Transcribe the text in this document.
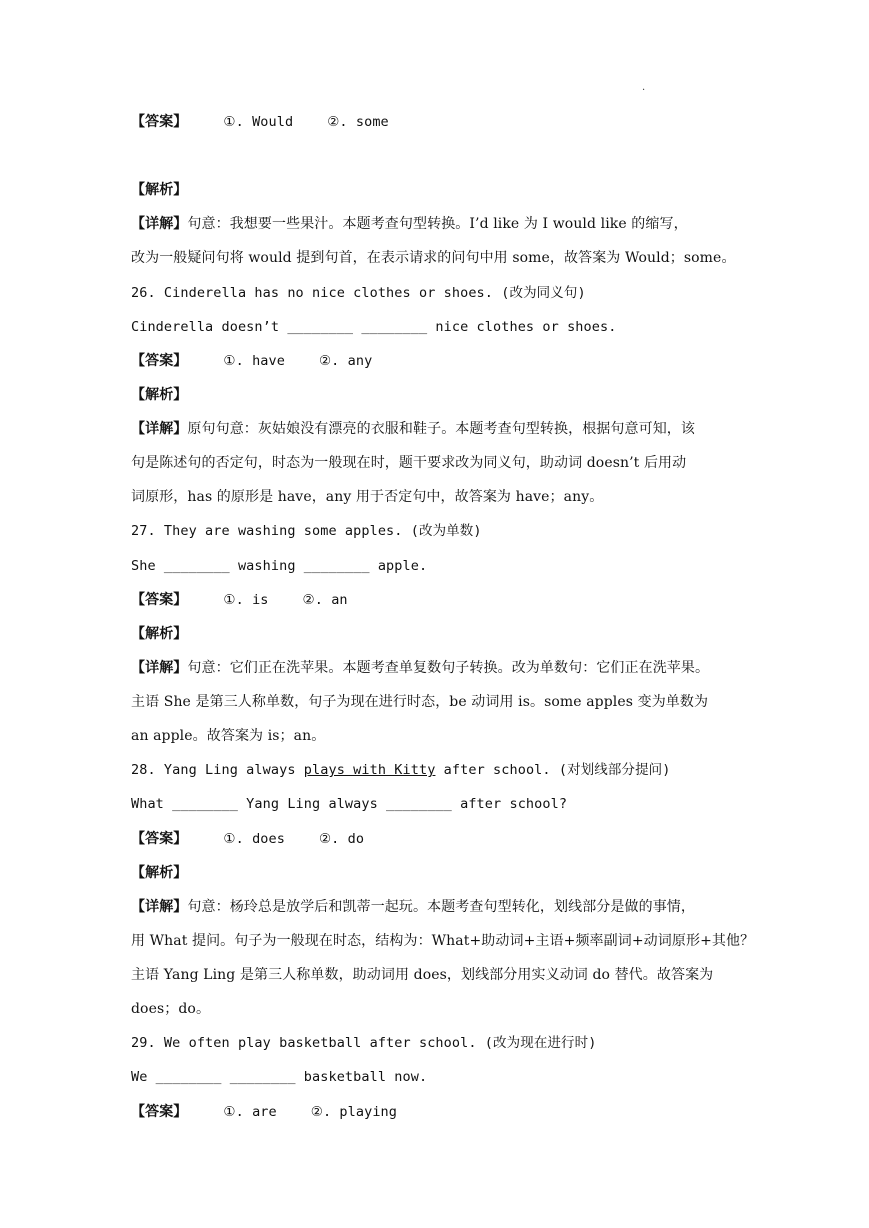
.
【答案】	①. Would	②. some
【解析】
【详解】句意：我想要一些果汁。本题考查句型转换。I’d like 为 I would like 的缩写，
改为一般疑问句将 would 提到句首，在表示请求的问句中用 some，故答案为 Would；some。
26. Cinderella has no nice clothes or shoes. (改为同义句)
Cinderella doesn’t ________ ________ nice clothes or shoes.
【答案】	①. have	②. any
【解析】
【详解】原句句意：灰姑娘没有漂亮的衣服和鞋子。本题考查句型转换，根据句意可知，该
句是陈述句的否定句，时态为一般现在时，题干要求改为同义句，助动词 doesn’t 后用动
词原形，has 的原形是 have，any 用于否定句中，故答案为 have；any。
27. They are washing some apples. (改为单数)
She ________ washing ________ apple.
【答案】	①. is	②. an
【解析】
【详解】句意：它们正在洗苹果。本题考查单复数句子转换。改为单数句：它们正在洗苹果。
主语 She 是第三人称单数，句子为现在进行时态，be 动词用 is。some apples 变为单数为
an apple。故答案为 is；an。
28. Yang Ling always plays with Kitty after school. (对划线部分提问)
What ________ Yang Ling always ________ after school?
【答案】	①. does	②. do
【解析】
【详解】句意：杨玲总是放学后和凯蒂一起玩。本题考查句型转化，划线部分是做的事情，
用 What 提问。句子为一般现在时态，结构为：What+助动词+主语+频率副词+动词原形+其他？
主语 Yang Ling 是第三人称单数，助动词用 does，划线部分用实义动词 do 替代。故答案为
does；do。
29. We often play basketball after school. (改为现在进行时)
We ________ ________ basketball now.
【答案】	①. are	②. playing
